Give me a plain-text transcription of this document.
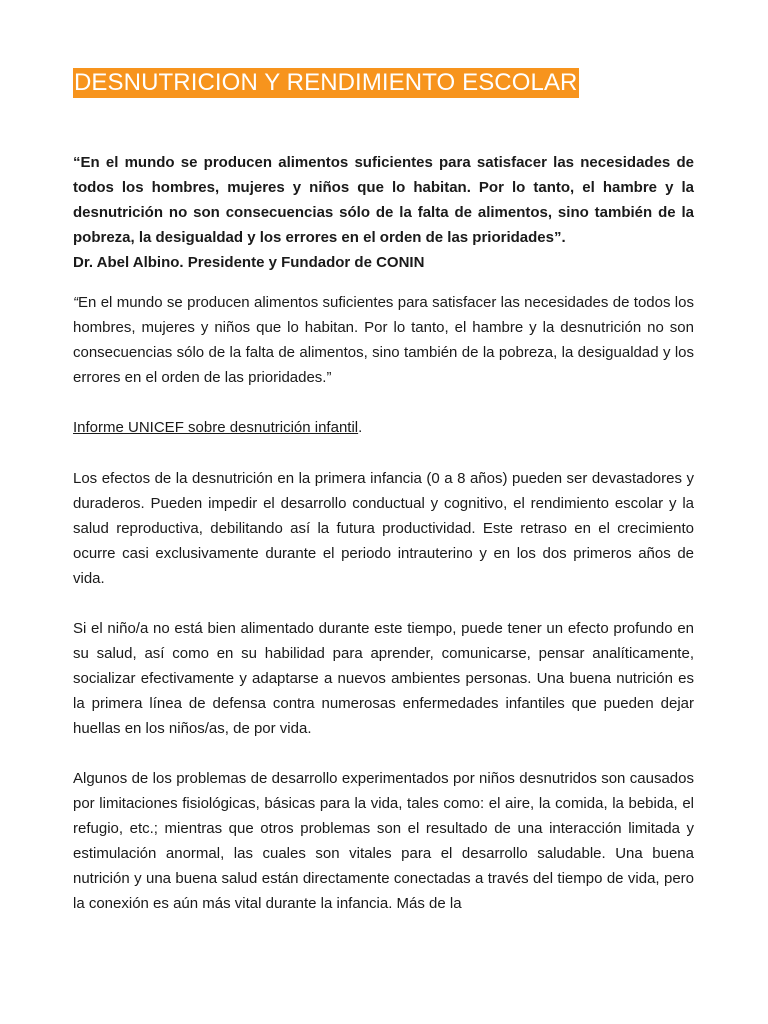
DESNUTRICION Y RENDIMIENTO ESCOLAR
“En el mundo se producen alimentos suficientes para satisfacer las necesidades de todos los hombres, mujeres y niños que lo habitan. Por lo tanto, el hambre y la desnutrición no son consecuencias sólo de la falta de alimentos, sino también de la pobreza, la desigualdad y los errores en el orden de las prioridades”.
Dr. Abel Albino. Presidente y Fundador de CONIN

“En el mundo se producen alimentos suficientes para satisfacer las necesidades de todos los hombres, mujeres y niños que lo habitan. Por lo tanto, el hambre y la desnutrición no son consecuencias sólo de la falta de alimentos, sino también de la pobreza, la desigualdad y los errores en el orden de las prioridades.”

Informe UNICEF sobre desnutrición infantil.

Los efectos de la desnutrición en la primera infancia (0 a 8 años) pueden ser devastadores y duraderos. Pueden impedir el desarrollo conductual y cognitivo, el rendimiento escolar y la salud reproductiva, debilitando así la futura productividad. Este retraso en el crecimiento ocurre casi exclusivamente durante el periodo intrauterino y en los dos primeros años de vida.

Si el niño/a no está bien alimentado durante este tiempo, puede tener un efecto profundo en su salud, así como en su habilidad para aprender, comunicarse, pensar analíticamente, socializar efectivamente y adaptarse a nuevos ambientes personas. Una buena nutrición es la primera línea de defensa contra numerosas enfermedades infantiles que pueden dejar huellas en los niños/as, de por vida.

Algunos de los problemas de desarrollo experimentados por niños desnutridos son causados por limitaciones fisiológicas, básicas para la vida, tales como: el aire, la comida, la bebida, el refugio, etc.; mientras que otros problemas son el resultado de una interacción limitada y estimulación anormal, las cuales son vitales para el desarrollo saludable. Una buena nutrición y una buena salud están directamente conectadas a través del tiempo de vida, pero la conexión es aún más vital durante la infancia. Más de la
